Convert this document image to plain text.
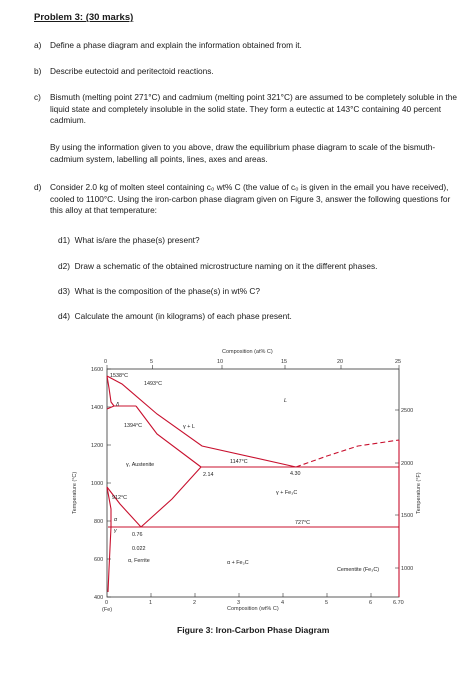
Problem 3: (30 marks)
a) Define a phase diagram and explain the information obtained from it.
b) Describe eutectoid and peritectoid reactions.
c) Bismuth (melting point 271°C) and cadmium (melting point 321°C) are assumed to be completely soluble in the liquid state and completely insoluble in the solid state. They form a eutectic at 143°C containing 40 percent cadmium.
By using the information given to you above, draw the equilibrium phase diagram to scale of the bismuth-cadmium system, labelling all points, lines, axes and areas.
d) Consider 2.0 kg of molten steel containing c₀ wt% C (the value of c₀ is given in the email you have received), cooled to 1100°C. Using the iron-carbon phase diagram given on Figure 3, answer the following questions for this alloy at that temperature:
d1) What is/are the phase(s) present?
d2) Draw a schematic of the obtained microstructure naming on it the different phases.
d3) What is the composition of the phase(s) in wt% C?
d4) Calculate the amount (in kilograms) of each phase present.
0	5	10	15	20	25
Composition (at% C)
400
600
800
1000
1200
1400
1600
Temperature (°C)
1000
1500
2000
2500
Temperature (°F)
0	1	2	3	4	5	6	6.70
(Fe)	Composition (wt% C)
1538°C
1493°C
1394°C
1147°C
912°C
727°C
2.14	4.30
0.76
0.022
δ
γ, Austenite
γ + L
L
γ + Fe₃C
α + Fe₃C
α, Ferrite
α
γ
Cementite (Fe₃C)
Figure 3: Iron-Carbon Phase Diagram
